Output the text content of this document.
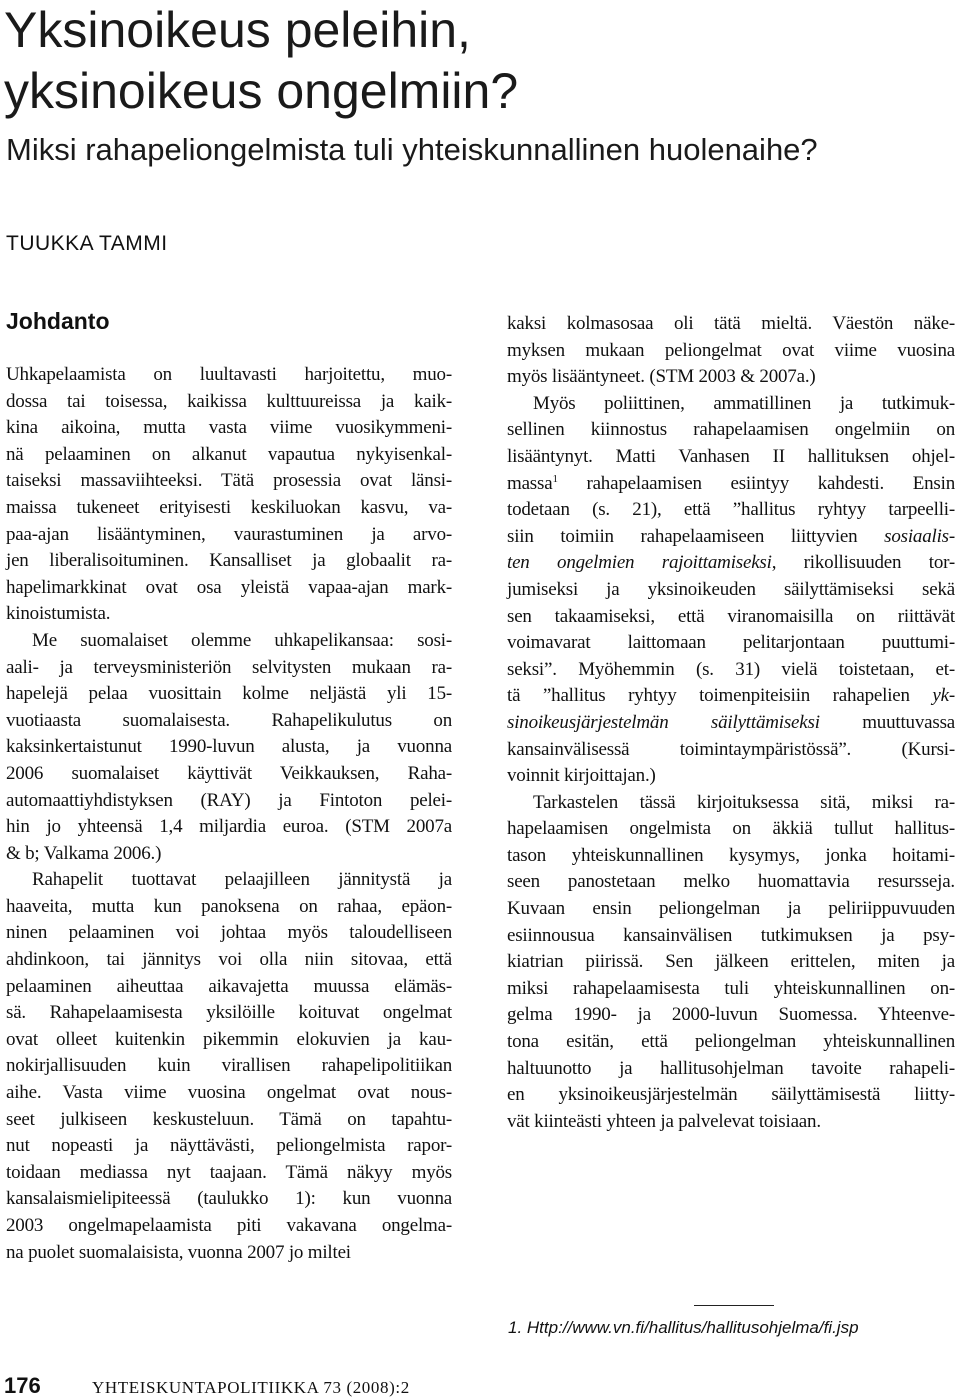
Yksinoikeus peleihin,
yksinoikeus ongelmiin?
Miksi rahapeliongelmista tuli yhteiskunnallinen huolenaihe?
TUUKKA TAMMI
Johdanto
Uhkapelaamista on luultavasti harjoitettu, muo-
dossa tai toisessa, kaikissa kulttuureissa ja kaik-
kina aikoina, mutta vasta viime vuosikymmeni-
nä pelaaminen on alkanut vapautua nykyisenkal-
taiseksi massaviihteeksi. Tätä prosessia ovat länsi-
maissa tukeneet erityisesti keskiluokan kasvu, va-
paa-ajan lisääntyminen, vaurastuminen ja arvo-
jen liberalisoituminen. Kansalliset ja globaalit ra-
hapelimarkkinat ovat osa yleistä vapaa-ajan mark-
kinoistumista.
Me suomalaiset olemme uhkapelikansaa: sosi-
aali- ja terveysministeriön selvitysten mukaan ra-
hapelejä pelaa vuosittain kolme neljästä yli 15-
vuotiaasta suomalaisesta. Rahapelikulutus on
kaksinkertaistunut 1990-luvun alusta, ja vuonna
2006 suomalaiset käyttivät Veikkauksen, Raha-
automaattiyhdistyksen (RAY) ja Fintoton pelei-
hin jo yhteensä 1,4 miljardia euroa. (STM 2007a
& b; Valkama 2006.)
Rahapelit tuottavat pelaajilleen jännitystä ja
haaveita, mutta kun panoksena on rahaa, epäon-
ninen pelaaminen voi johtaa myös taloudelliseen
ahdinkoon, tai jännitys voi olla niin sitovaa, että
pelaaminen aiheuttaa aikavajetta muussa elämäs-
sä. Rahapelaamisesta yksilöille koituvat ongelmat
ovat olleet kuitenkin pikemmin elokuvien ja kau-
nokirjallisuuden kuin virallisen rahapelipolitiikan
aihe. Vasta viime vuosina ongelmat ovat nous-
seet julkiseen keskusteluun. Tämä on tapahtu-
nut nopeasti ja näyttävästi, peliongelmista rapor-
toidaan mediassa nyt taajaan. Tämä näkyy myös
kansalaismielipiteessä (taulukko 1): kun vuonna
2003 ongelmapelaamista piti vakavana ongelma-
na puolet suomalaisista, vuonna 2007 jo miltei
kaksi kolmasosaa oli tätä mieltä. Väestön näke-
myksen mukaan peliongelmat ovat viime vuosina
myös lisääntyneet. (STM 2003 & 2007a.)
Myös poliittinen, ammatillinen ja tutkimuk-
sellinen kiinnostus rahapelaamisen ongelmiin on
lisääntynyt. Matti Vanhasen II hallituksen ohjel-
massa$^1$ rahapelaamisen esiintyy kahdesti. Ensin
todetaan (s. 21), että ”hallitus ryhtyy tarpeelli-
siin toimiin rahapelaamiseen liittyvien sosiaalis-
ten ongelmien rajoittamiseksi, rikollisuuden tor-
jumiseksi ja yksinoikeuden säilyttämiseksi sekä
sen takaamiseksi, että viranomaisilla on riittävät
voimavarat laittomaan pelitarjontaan puuttumi-
seksi”. Myöhemmin (s. 31) vielä toistetaan, et-
tä ”hallitus ryhtyy toimenpiteisiin rahapelien yk-
sinoikeusjärjestelmän säilyttämiseksi muuttuvassa
kansainvälisessä toimintaympäristössä”. (Kursi-
voinnit kirjoittajan.)
Tarkastelen tässä kirjoituksessa sitä, miksi ra-
hapelaamisen ongelmista on äkkiä tullut hallitus-
tason yhteiskunnallinen kysymys, jonka hoitami-
seen panostetaan melko huomattavia resursseja.
Kuvaan ensin peliongelman ja peliriippuvuuden
esiinnousua kansainvälisen tutkimuksen ja psy-
kiatrian piirissä. Sen jälkeen erittelen, miten ja
miksi rahapelaamisesta tuli yhteiskunnallinen on-
gelma 1990- ja 2000-luvun Suomessa. Yhteenve-
tona esitän, että peliongelman yhteiskunnallinen
haltuunotto ja hallitusohjelman tavoite rahapeli-
en yksinoikeusjärjestelmän säilyttämisestä liitty-
vät kiinteästi yhteen ja palvelevat toisiaan.
1. Http://www.vn.fi/hallitus/hallitusohjelma/fi.jsp
176	YHTEISKUNTAPOLITIIKKA 73 (2008):2
